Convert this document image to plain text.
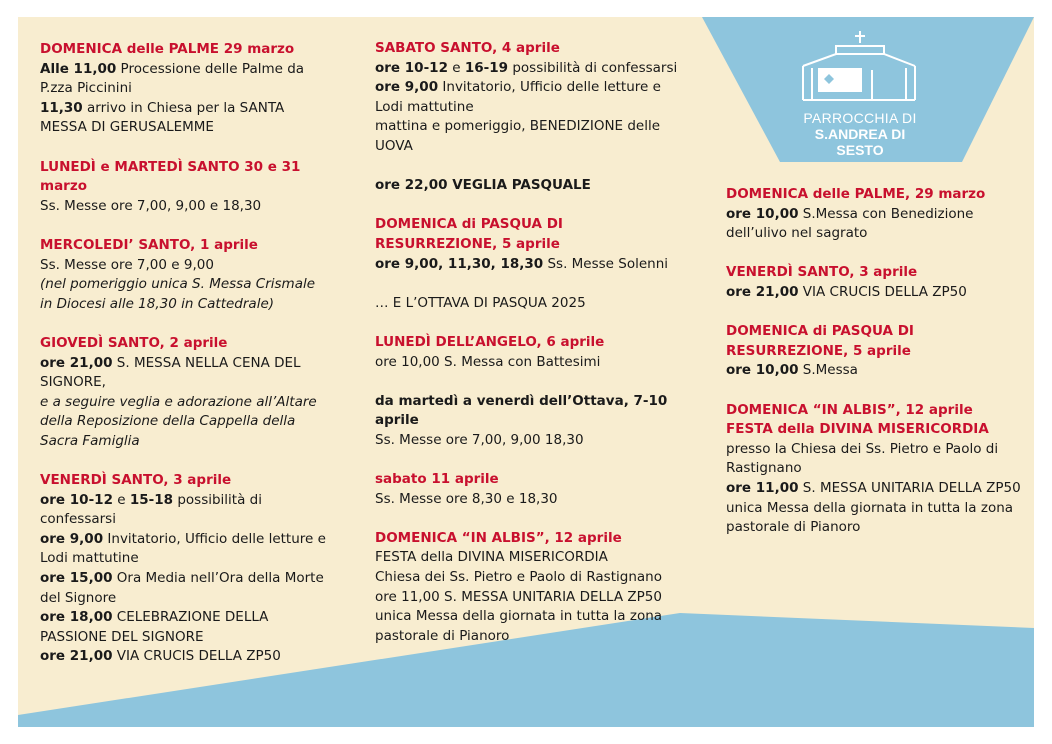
PARROCCHIA DI
S.ANDREA DI SESTO

DOMENICA delle PALME 29 marzo

Alle 11,00 Processione delle Palme da

P.zza Piccinini

11,30 arrivo in Chiesa per la SANTA

MESSA DI GERUSALEMME

LUNEDÌ e MARTEDÌ SANTO 30 e 31

marzo

Ss. Messe ore 7,00, 9,00 e 18,30

MERCOLEDI’ SANTO, 1 aprile

Ss. Messe ore 7,00 e 9,00

(nel pomeriggio unica S. Messa Crismale

in Diocesi alle 18,30 in Cattedrale)

GIOVEDÌ SANTO, 2 aprile

ore 21,00 S. MESSA NELLA CENA DEL

SIGNORE,

e a seguire veglia e adorazione all’Altare

della Reposizione della Cappella della

Sacra Famiglia

VENERDÌ SANTO, 3 aprile

ore 10-12 e 15-18 possibilità di

confessarsi

ore 9,00 Invitatorio, Ufficio delle letture e

Lodi mattutine

ore 15,00 Ora Media nell’Ora della Morte

del Signore

ore 18,00 CELEBRAZIONE DELLA

PASSIONE DEL SIGNORE

ore 21,00 VIA CRUCIS DELLA ZP50

SABATO SANTO, 4 aprile

ore 10-12 e 16-19 possibilità di confessarsi

ore 9,00 Invitatorio, Ufficio delle letture e

Lodi mattutine

mattina e pomeriggio, BENEDIZIONE delle

UOVA

ore 22,00 VEGLIA PASQUALE

DOMENICA di PASQUA DI

RESURREZIONE, 5 aprile

ore 9,00, 11,30, 18,30 Ss. Messe Solenni

… E L’OTTAVA DI PASQUA 2025

LUNEDÌ DELL’ANGELO, 6 aprile

ore 10,00 S. Messa con Battesimi

da martedì a venerdì dell’Ottava, 7-10

aprile

Ss. Messe ore 7,00, 9,00 18,30

sabato 11 aprile

Ss. Messe ore 8,30 e 18,30

DOMENICA “IN ALBIS”, 12 aprile

FESTA della DIVINA MISERICORDIA

Chiesa dei Ss. Pietro e Paolo di Rastignano

ore 11,00 S. MESSA UNITARIA DELLA ZP50

unica Messa della giornata in tutta la zona

pastorale di Pianoro

DOMENICA delle PALME, 29 marzo

ore 10,00 S.Messa con Benedizione

dell’ulivo nel sagrato

VENERDÌ SANTO, 3 aprile

ore 21,00 VIA CRUCIS DELLA ZP50

DOMENICA di PASQUA DI

RESURREZIONE, 5 aprile

ore 10,00 S.Messa

DOMENICA “IN ALBIS”, 12 aprile

FESTA della DIVINA MISERICORDIA

presso la Chiesa dei Ss. Pietro e Paolo di

Rastignano

ore 11,00 S. MESSA UNITARIA DELLA ZP50

unica Messa della giornata in tutta la zona

pastorale di Pianoro
